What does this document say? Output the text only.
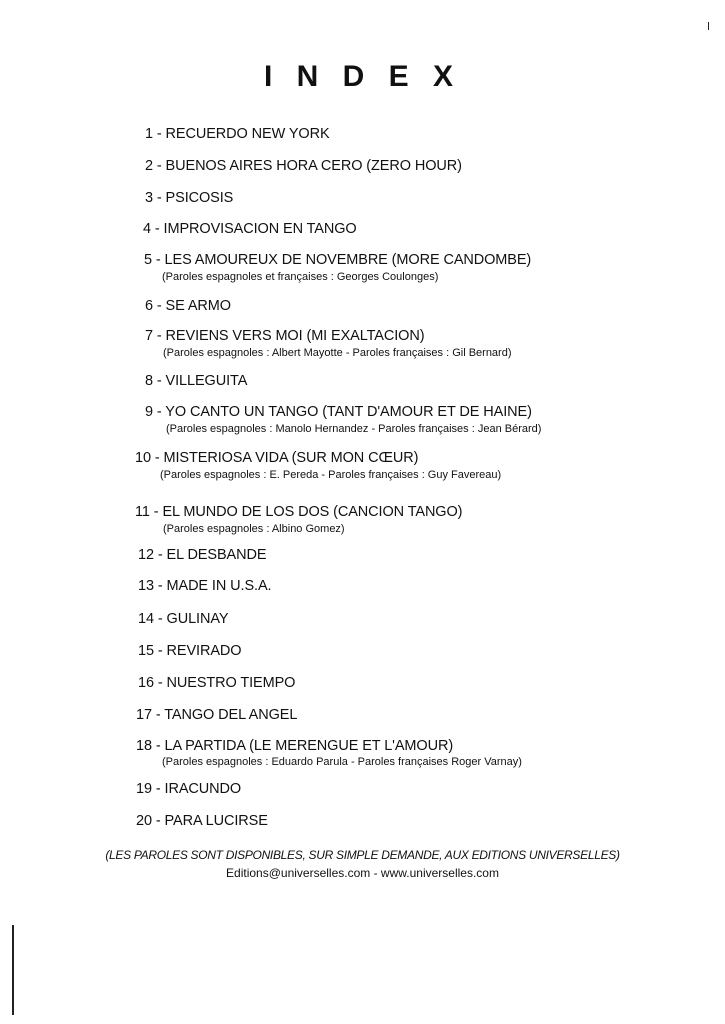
I N D E X
1 - RECUERDO NEW YORK
2 - BUENOS AIRES HORA CERO (ZERO HOUR)
3 - PSICOSIS
4 - IMPROVISACION EN TANGO
5 - LES AMOUREUX DE NOVEMBRE (MORE CANDOMBE)
(Paroles espagnoles et françaises : Georges Coulonges)
6 - SE ARMO
7 - REVIENS VERS MOI (MI EXALTACION)
(Paroles espagnoles : Albert Mayotte - Paroles françaises : Gil Bernard)
8 - VILLEGUITA
9 - YO CANTO UN TANGO (TANT D'AMOUR ET DE HAINE)
(Paroles espagnoles : Manolo Hernandez - Paroles françaises : Jean Bérard)
10 - MISTERIOSA VIDA (SUR MON CŒUR)
(Paroles espagnoles : E. Pereda - Paroles françaises : Guy Favereau)
11 - EL MUNDO DE LOS DOS (CANCION TANGO)
(Paroles espagnoles : Albino Gomez)
12 - EL DESBANDE
13 - MADE IN U.S.A.
14 - GULINAY
15 - REVIRADO
16 - NUESTRO TIEMPO
17 - TANGO DEL ANGEL
18 - LA PARTIDA (LE MERENGUE ET L'AMOUR)
(Paroles espagnoles : Eduardo Parula - Paroles françaises Roger Varnay)
19 - IRACUNDO
20 - PARA LUCIRSE
(LES PAROLES SONT DISPONIBLES, SUR SIMPLE DEMANDE, AUX EDITIONS UNIVERSELLES)
Editions@universelles.com - www.universelles.com
